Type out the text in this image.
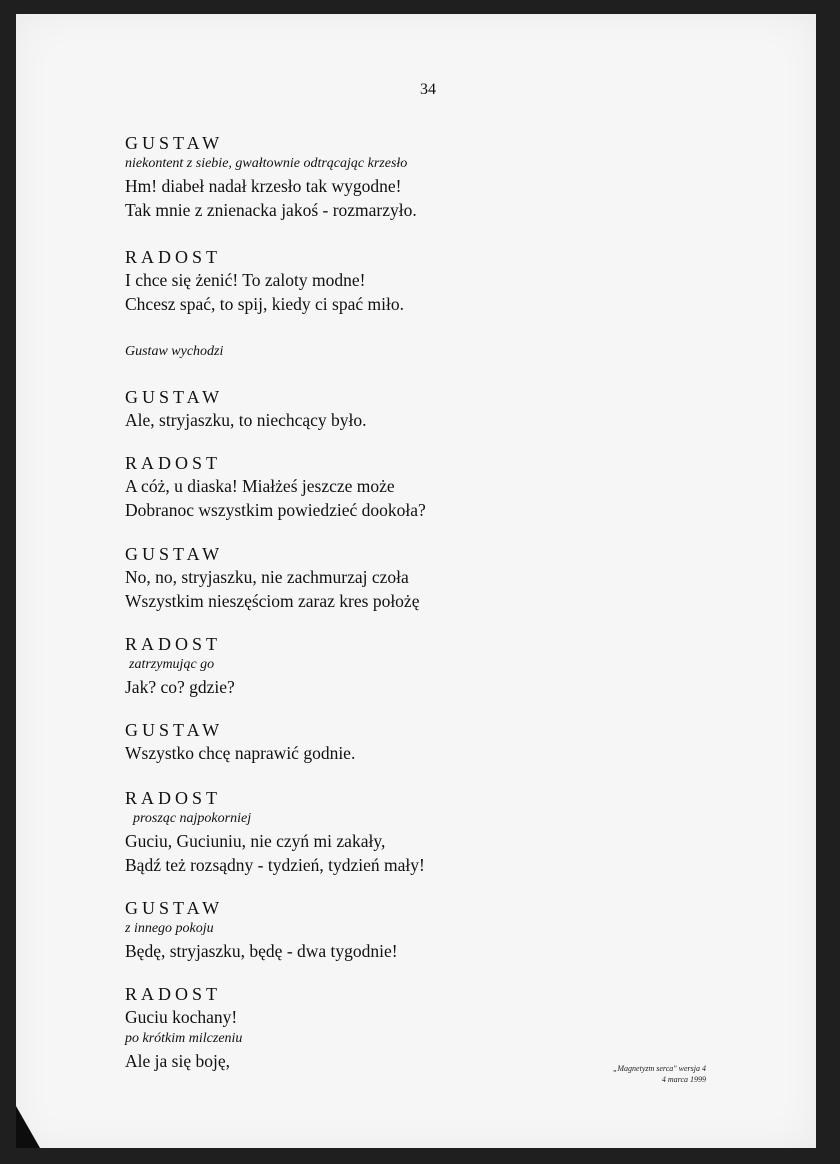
34

GUSTAW

niekontent z siebie, gwałtownie odtrącając krzesło

Hm! diabeł nadał krzesło tak wygodne!

Tak mnie z znienacka jakoś - rozmarzyło.

RADOST

I chce się żenić! To zaloty modne!

Chcesz spać, to spij, kiedy ci spać miło.

Gustaw wychodzi

GUSTAW

Ale, stryjaszku, to niechcący było.

RADOST

A cóż, u diaska! Miałżeś jeszcze może

Dobranoc wszystkim powiedzieć dookoła?

GUSTAW

No, no, stryjaszku, nie zachmurzaj czoła

Wszystkim nieszęściom zaraz kres położę

RADOST

zatrzymując go

Jak? co? gdzie?

GUSTAW

Wszystko chcę naprawić godnie.

RADOST

prosząc najpokorniej

Guciu, Guciuniu, nie czyń mi zakały,

Bądź też rozsądny - tydzień, tydzień mały!

GUSTAW

z innego pokoju

Będę, stryjaszku, będę - dwa tygodnie!

RADOST

Guciu kochany!

po krótkim milczeniu

Ale ja się boję,	„Magnetyzm serca" wersja 4
4 marca 1999
